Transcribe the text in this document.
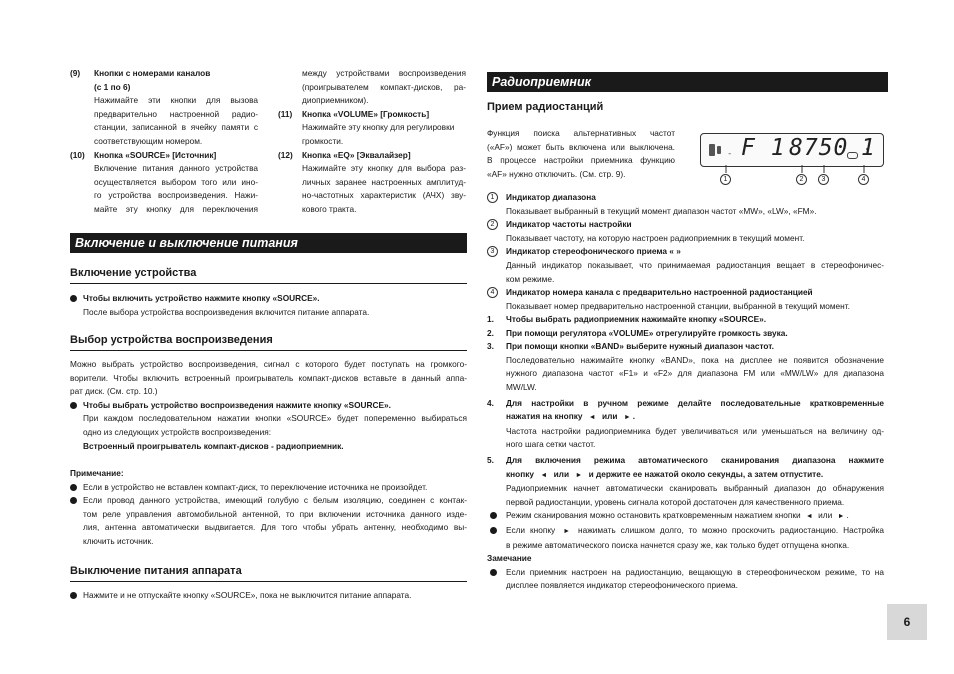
(9) Кнопки с номерами каналов
(с 1 по 6)
Нажимайте эти кнопки для вызова
предварительно настроенной радио-
станции, записанной в ячейку памяти с
соответствующим номером.
(10) Кнопка «SOURCE» [Источник]
Включение питания данного устройства
осуществляется выбором того или ино-
го устройства воспроизведения. Нажи-
майте эту кнопку для переключения
между устройствами воспроизведения
(проигрывателем компакт-дисков, ра-
диоприемником).
(11) Кнопка «VOLUME» [Громкость]
Нажимайте эту кнопку для регулировки
громкости.
(12) Кнопка «EQ» [Эквалайзер]
Нажимайте эту кнопку для выбора раз-
личных заранее настроенных амплитуд-
но-частотных характеристик (АЧХ) зву-
кового тракта.
Включение и выключение питания
Включение устройства
Чтобы включить устройство нажмите кнопку «SOURCE».
После выбора устройства воспроизведения включится питание аппарата.
Выбор устройства воспроизведения
Можно выбрать устройство воспроизведения, сигнал с которого будет поступать на громкого-
ворители. Чтобы включить встроенный проигрыватель компакт-дисков вставьте в данный аппа-
рат диск. (См. стр. 10.)
Чтобы выбрать устройство воспроизведения нажмите кнопку «SOURCE».
При каждом последовательном нажатии кнопки «SOURCE» будет попеременно выбираться
одно из следующих устройств воспроизведения:
Встроенный проигрыватель компакт-дисков - радиоприемник.
Примечание:
Если в устройство не вставлен компакт-диск, то переключение источника не произойдет.
Если провод данного устройства, имеющий голубую с белым изоляцию, соединен с контак-
том реле управления автомобильной антенной, то при включении источника данного изде-
лия, антенна автоматически выдвигается. Для того чтобы убрать антенну, необходимо вы-
ключить источник.
Выключение питания аппарата
Нажмите и не отпускайте кнопку «SOURCE», пока не выключится питание аппарата.
Радиоприемник
Прием радиостанций
Функция поиска альтернативных частот
(«AF») может быть включена или выключена.
В процессе настройки приемника функцию
«AF» нужно отключить. (См. стр. 9).
- F 1 8750 1
1	2	3	4
1	Индикатор диапазона
Показывает выбранный в текущий момент диапазон частот «MW», «LW», «FM».
2	Индикатор частоты настройки
Показывает частоту, на которую настроен радиоприемник в текущий момент.
3	Индикатор стереофонического приема « »
Данный индикатор показывает, что принимаемая радиостанция вещает в стереофоничес-
ком режиме.
4	Индикатор номера канала с предварительно настроенной радиостанцией
Показывает номер предварительно настроенной станции, выбранной в текущий момент.
1. Чтобы выбрать радиоприемник нажимайте кнопку «SOURCE».
2. При помощи регулятора «VOLUME» отрегулируйте громкость звука.
3. При помощи кнопки «BAND» выберите нужный диапазон частот.
Последовательно нажимайте кнопку «BAND», пока на дисплее не появится обозначение
нужного диапазона частот «F1» и «F2» для диапазона FM или «MW/LW» для диапазона
MW/LW.
4. Для настройки в ручном режиме делайте последовательные кратковременные
нажатия на кнопку ◄ или ► .
Частота настройки радиоприемника будет увеличиваться или уменьшаться на величину од-
ного шага сетки частот.
5. Для включения режима автоматического сканирования диапазона нажмите
кнопку ◄ или ► и держите ее нажатой около секунды, а затем отпустите.
Радиоприемник начнет автоматически сканировать выбранный диапазон до обнаружения
первой радиостанции, уровень сигнала которой достаточен для качественного приема.
Режим сканирования можно остановить кратковременным нажатием кнопки ◄ или ► .
Если кнопку ► нажимать слишком долго, то можно проскочить радиостанцию. Настройка
в режиме автоматического поиска начнется сразу же, как только будет отпущена кнопка.
Замечание
Если приемник настроен на радиостанцию, вещающую в стереофоническом режиме, то на
дисплее появляется индикатор стереофонического приема.
6
